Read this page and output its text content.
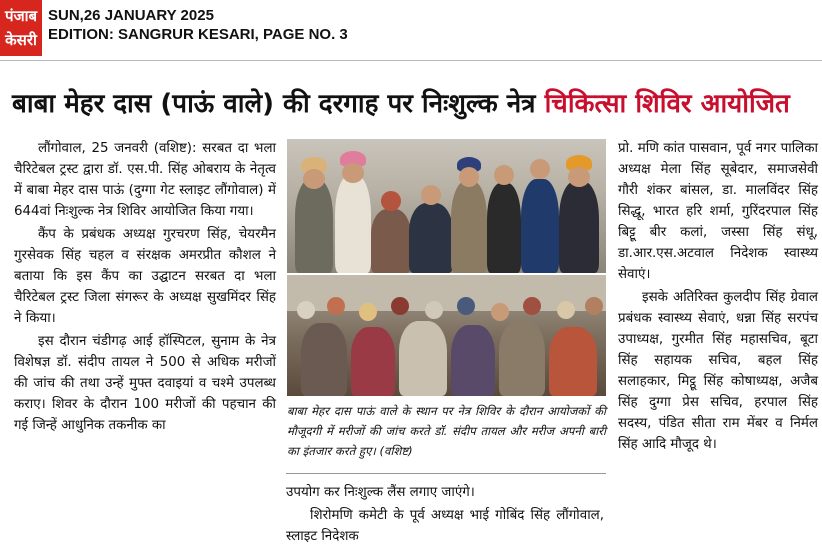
पंजाब
केसरी
SUN,26 JANUARY 2025
EDITION: SANGRUR KESARI, PAGE NO. 3
बाबा मेहर दास (पाऊं वाले) की दरगाह पर निःशुल्क नेत्र चिकित्सा शिविर आयोजित

लौंगोवाल, 25 जनवरी (वशिष्ट): सरबत दा भला चैरिटेबल ट्रस्ट द्वारा डॉ. एस.पी. सिंह ओबराय के नेतृत्व में बाबा मेहर दास पाऊं (दुग्गा गेट स्लाइट लौंगोवाल) में 644वां निःशुल्क नेत्र शिविर आयोजित किया गया।

कैंप के प्रबंधक अध्यक्ष गुरचरण सिंह, चेयरमैन गुरसेवक सिंह चहल व संरक्षक अमरप्रीत कौशल ने बताया कि इस कैंप का उद्घाटन सरबत दा भला चैरिटेबल ट्रस्ट जिला संगरूर के अध्यक्ष सुखमिंदर सिंह ने किया।

इस दौरान चंडीगढ़ आई हॉस्पिटल, सुनाम के नेत्र विशेषज्ञ डॉ. संदीप तायल ने 500 से अधिक मरीजों की जांच की तथा उन्हें मुफ्त दवाइयां व चश्मे उपलब्ध कराए। शिवर के दौरान 100 मरीजों की पहचान की गई जिन्हें आधुनिक तकनीक का

बाबा मेहर दास पाऊं वाले के स्थान पर नेत्र शिविर के दौरान आयोजकों की मौजूदगी में मरीजों की जांच करते डॉ. संदीप तायल और मरीज अपनी बारी का इंतजार करते हुए। (वशिष्ट)

उपयोग कर निःशुल्क लैंस लगाए जाएंगे।

शिरोमणि कमेटी के पूर्व अध्यक्ष भाई गोबिंद सिंह लौंगोवाल, स्लाइट निदेशक

प्रो. मणि कांत पासवान, पूर्व नगर पालिका अध्यक्ष मेला सिंह सूबेदार, समाजसेवी गौरी शंकर बांसल, डा. मालविंदर सिंह सिद्धू, भारत हरि शर्मा, गुरिंदरपाल सिंह बिट्टू बीर कलां, जस्सा सिंह संधू, डा.आर.एस.अटवाल निदेशक स्वास्थ्य सेवाएं।

इसके अतिरिक्त कुलदीप सिंह ग्रेवाल प्रबंधक स्वास्थ्य सेवाएं, धन्ना सिंह सरपंच उपाध्यक्ष, गुरमीत सिंह महासचिव, बूटा सिंह सहायक सचिव, बहल सिंह सलाहकार, मिट्ठू सिंह कोषाध्यक्ष, अजैब सिंह दुग्गा प्रेस सचिव, हरपाल सिंह सदस्य, पंडित सीता राम मेंबर व निर्मल सिंह आदि मौजूद थे।
